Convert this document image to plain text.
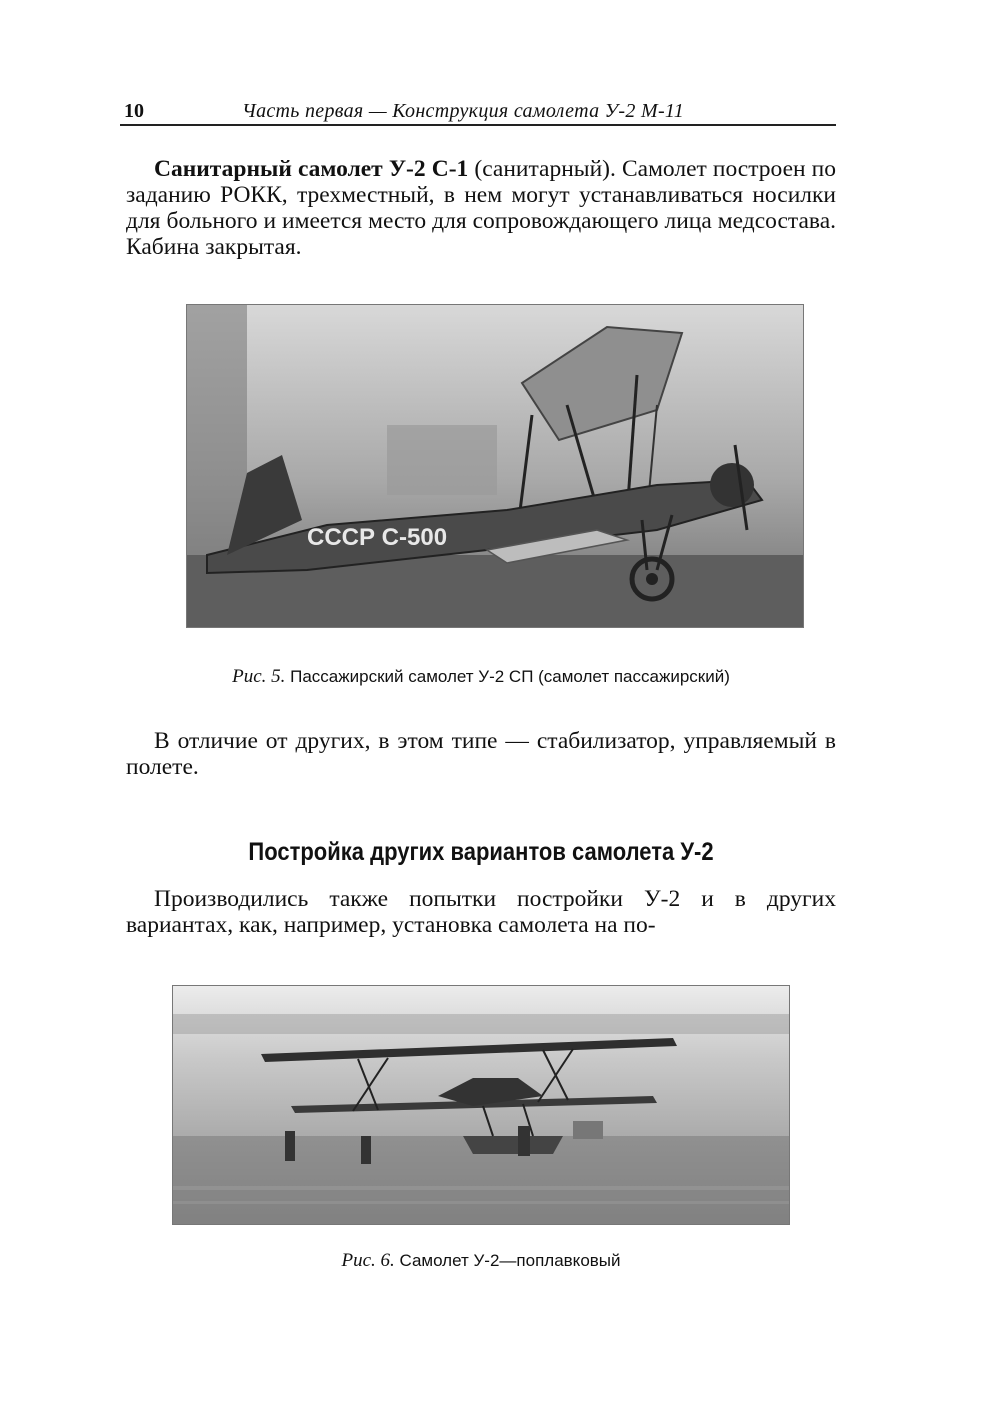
10	Часть первая — Конструкция самолета У-2 М-11

Санитарный самолет У-2 С-1 (санитарный). Самолет построен по заданию РОКК, трехместный, в нем могут устанавливаться носилки для больного и имеется место для сопровождающего лица медсостава. Кабина закрытая.

СССР С-500
Рис. 5. Пассажирский самолет У-2 СП (самолет пассажирский)

В отличие от других, в этом типе — стабилизатор, управляемый в полете.

Постройка других вариантов самолета У-2

Производились также попытки постройки У-2 и в других вариантах, как, например, установка самолета на по-

Рис. 6. Самолет У-2—поплавковый
